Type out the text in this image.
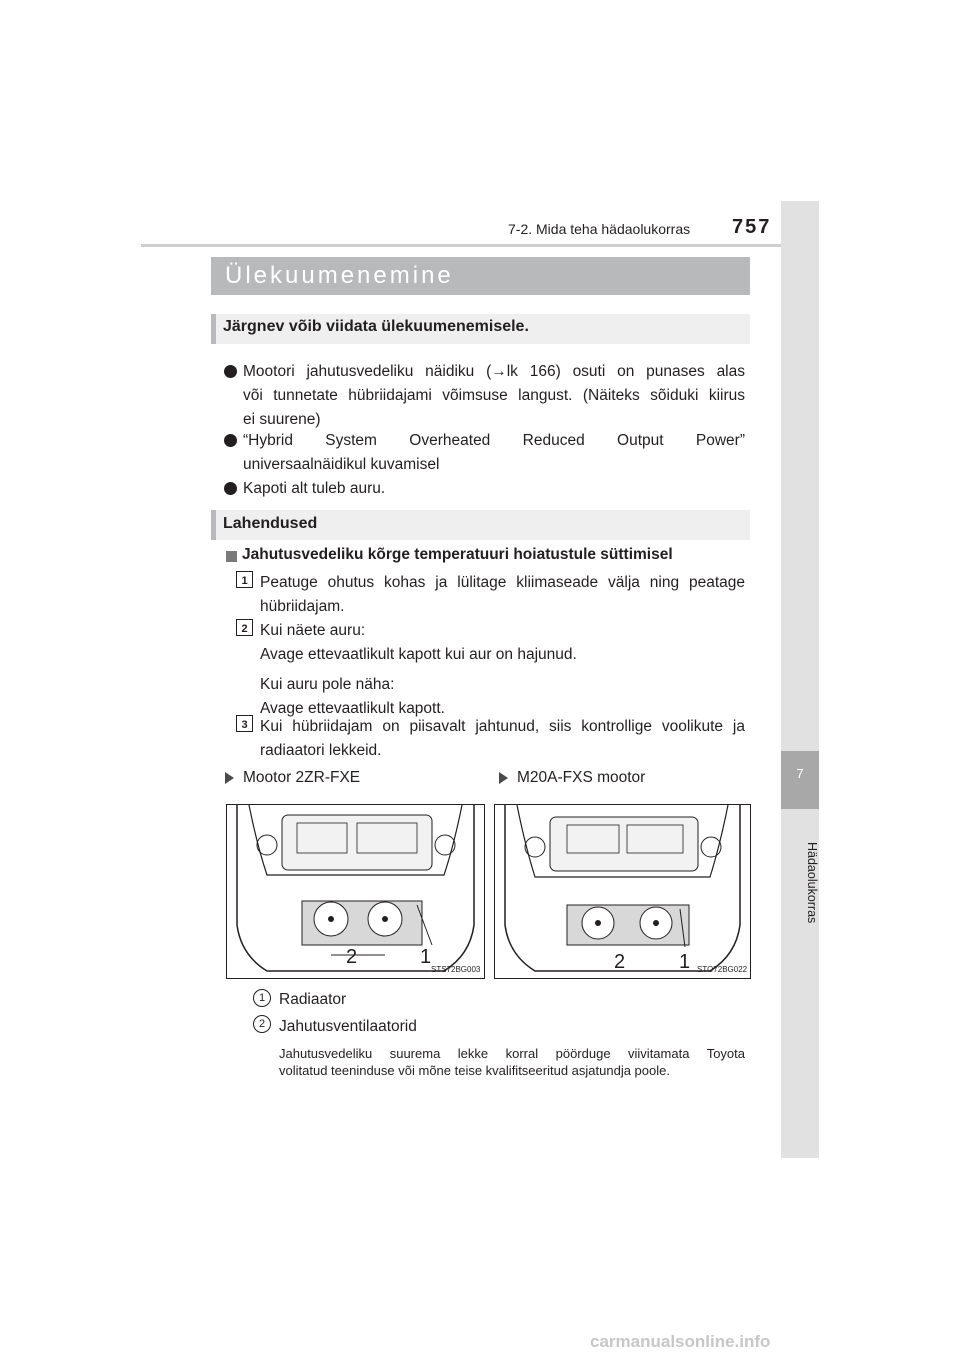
7-2. Mida teha hädaolukorras 757
7
Hädaolukorras
Ülekuumenemine
Järgnev võib viidata ülekuumenemisele.
Mootori jahutusvedeliku näidiku (→lk 166) osuti on punases alas
või tunnetate hübriidajami võimsuse langust. (Näiteks sõiduki kiirus
ei suurene)
“Hybrid System Overheated Reduced Output Power”
universaalnäidikul kuvamisel
Kapoti alt tuleb auru.
Lahendused
Jahutusvedeliku kõrge temperatuuri hoiatustule süttimisel
1 Peatuge ohutus kohas ja lülitage kliimaseade välja ning peatage
hübriidajam.
2 Kui näete auru:
Avage ettevaatlikult kapott kui aur on hajunud.
Kui auru pole näha:
Avage ettevaatlikult kapott.
3 Kui hübriidajam on piisavalt jahtunud, siis kontrollige voolikute ja
radiaatori lekkeid.
Mootor 2ZR-FXE	M20A-FXS mootor
2	1
STS72BG003	2	1 STO72BG022
1 Radiaator
2 Jahutusventilaatorid
Jahutusvedeliku suurema lekke korral pöörduge viivitamata Toyota
volitatud teeninduse või mõne teise kvalifitseeritud asjatundja poole.
carmanualsonline.info
